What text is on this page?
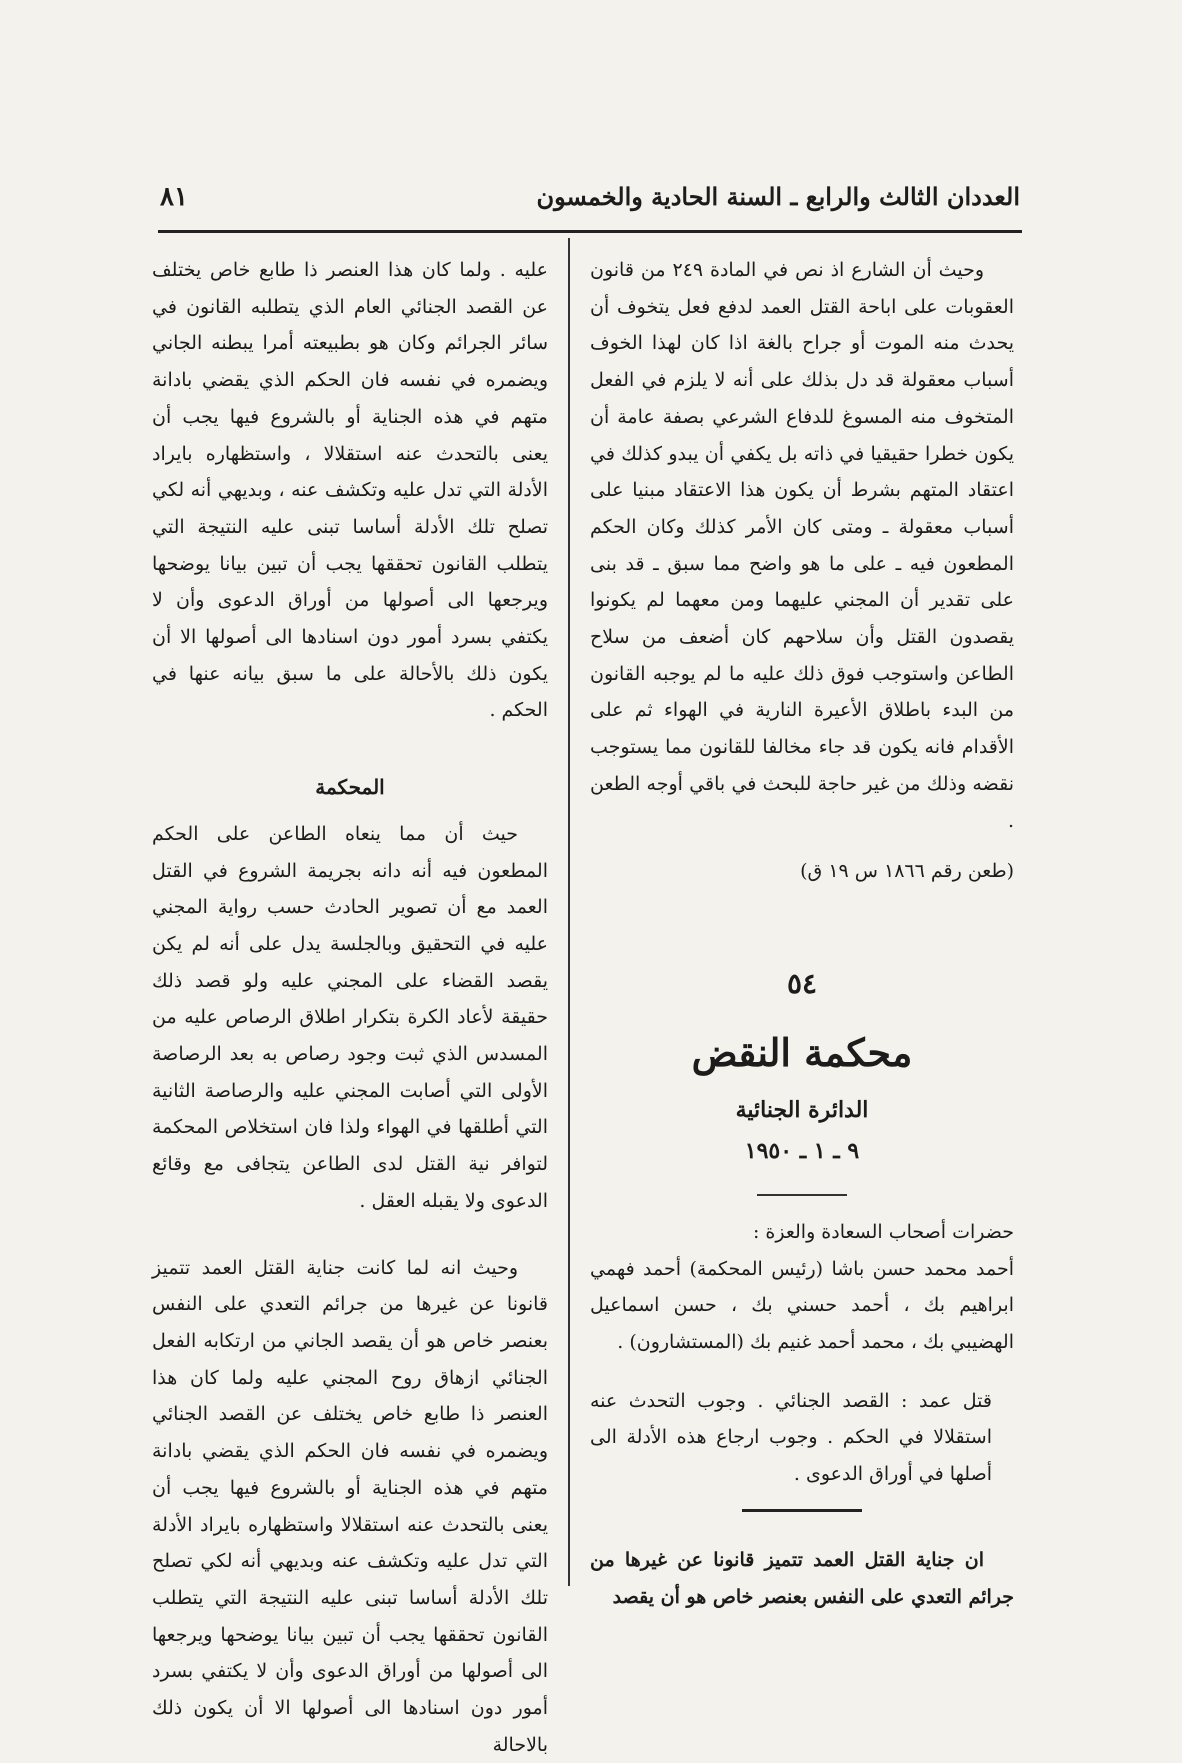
العددان الثالث والرابع ـ السنة الحادية والخمسون
٨١

وحيث أن الشارع اذ نص في المادة ٢٤٩ من قانون العقوبات على اباحة القتل العمد لدفع فعل يتخوف أن يحدث منه الموت أو جراح بالغة اذا كان لهذا الخوف أسباب معقولة قد دل بذلك على أنه لا يلزم في الفعل المتخوف منه المسوغ للدفاع الشرعي بصفة عامة أن يكون خطرا حقيقيا في ذاته بل يكفي أن يبدو كذلك في اعتقاد المتهم بشرط أن يكون هذا الاعتقاد مبنيا على أسباب معقولة ـ ومتى كان الأمر كذلك وكان الحكم المطعون فيه ـ على ما هو واضح مما سبق ـ قد بنى على تقدير أن المجني عليهما ومن معهما لم يكونوا يقصدون القتل وأن سلاحهم كان أضعف من سلاح الطاعن واستوجب فوق ذلك عليه ما لم يوجبه القانون من البدء باطلاق الأعيرة النارية في الهواء ثم على الأقدام فانه يكون قد جاء مخالفا للقانون مما يستوجب نقضه وذلك من غير حاجة للبحث في باقي أوجه الطعن .

(طعن رقم ١٨٦٦ س ١٩ ق)

٥٤

محكمة النقض

الدائرة الجنائية

٩ ـ ١ ـ ١٩٥٠

حضرات أصحاب السعادة والعزة :

أحمد محمد حسن باشا (رئيس المحكمة) أحمد فهمي ابراهيم بك ، أحمد حسني بك ، حسن اسماعيل الهضيبي بك ، محمد أحمد غنيم بك (المستشارون) .

قتل عمد : القصد الجنائي . وجوب التحدث عنه استقلالا في الحكم . وجوب ارجاع هذه الأدلة الى أصلها في أوراق الدعوى .

ان جناية القتل العمد تتميز قانونا عن غيرها من جرائم التعدي على النفس بعنصر خاص هو أن يقصد

عليه . ولما كان هذا العنصر ذا طابع خاص يختلف عن القصد الجنائي العام الذي يتطلبه القانون في سائر الجرائم وكان هو بطبيعته أمرا يبطنه الجاني ويضمره في نفسه فان الحكم الذي يقضي بادانة متهم في هذه الجناية أو بالشروع فيها يجب أن يعنى بالتحدث عنه استقلالا ، واستظهاره بايراد الأدلة التي تدل عليه وتكشف عنه ، وبديهي أنه لكي تصلح تلك الأدلة أساسا تبنى عليه النتيجة التي يتطلب القانون تحققها يجب أن تبين بيانا يوضحها ويرجعها الى أصولها من أوراق الدعوى وأن لا يكتفي بسرد أمور دون اسنادها الى أصولها الا أن يكون ذلك بالأحالة على ما سبق بيانه عنها في الحكم .

المحكمة

حيث أن مما ينعاه الطاعن على الحكم المطعون فيه أنه دانه بجريمة الشروع في القتل العمد مع أن تصوير الحادث حسب رواية المجني عليه في التحقيق وبالجلسة يدل على أنه لم يكن يقصد القضاء على المجني عليه ولو قصد ذلك حقيقة لأعاد الكرة بتكرار اطلاق الرصاص عليه من المسدس الذي ثبت وجود رصاص به بعد الرصاصة الأولى التي أصابت المجني عليه والرصاصة الثانية التي أطلقها في الهواء ولذا فان استخلاص المحكمة لتوافر نية القتل لدى الطاعن يتجافى مع وقائع الدعوى ولا يقبله العقل .

وحيث انه لما كانت جناية القتل العمد تتميز قانونا عن غيرها من جرائم التعدي على النفس بعنصر خاص هو أن يقصد الجاني من ارتكابه الفعل الجنائي ازهاق روح المجني عليه ولما كان هذا العنصر ذا طابع خاص يختلف عن القصد الجنائي ويضمره في نفسه فان الحكم الذي يقضي بادانة متهم في هذه الجناية أو بالشروع فيها يجب أن يعنى بالتحدث عنه استقلالا واستظهاره بايراد الأدلة التي تدل عليه وتكشف عنه وبديهي أنه لكي تصلح تلك الأدلة أساسا تبنى عليه النتيجة التي يتطلب القانون تحققها يجب أن تبين بيانا يوضحها ويرجعها الى أصولها من أوراق الدعوى وأن لا يكتفي بسرد أمور دون اسنادها الى أصولها الا أن يكون ذلك بالاحالة
